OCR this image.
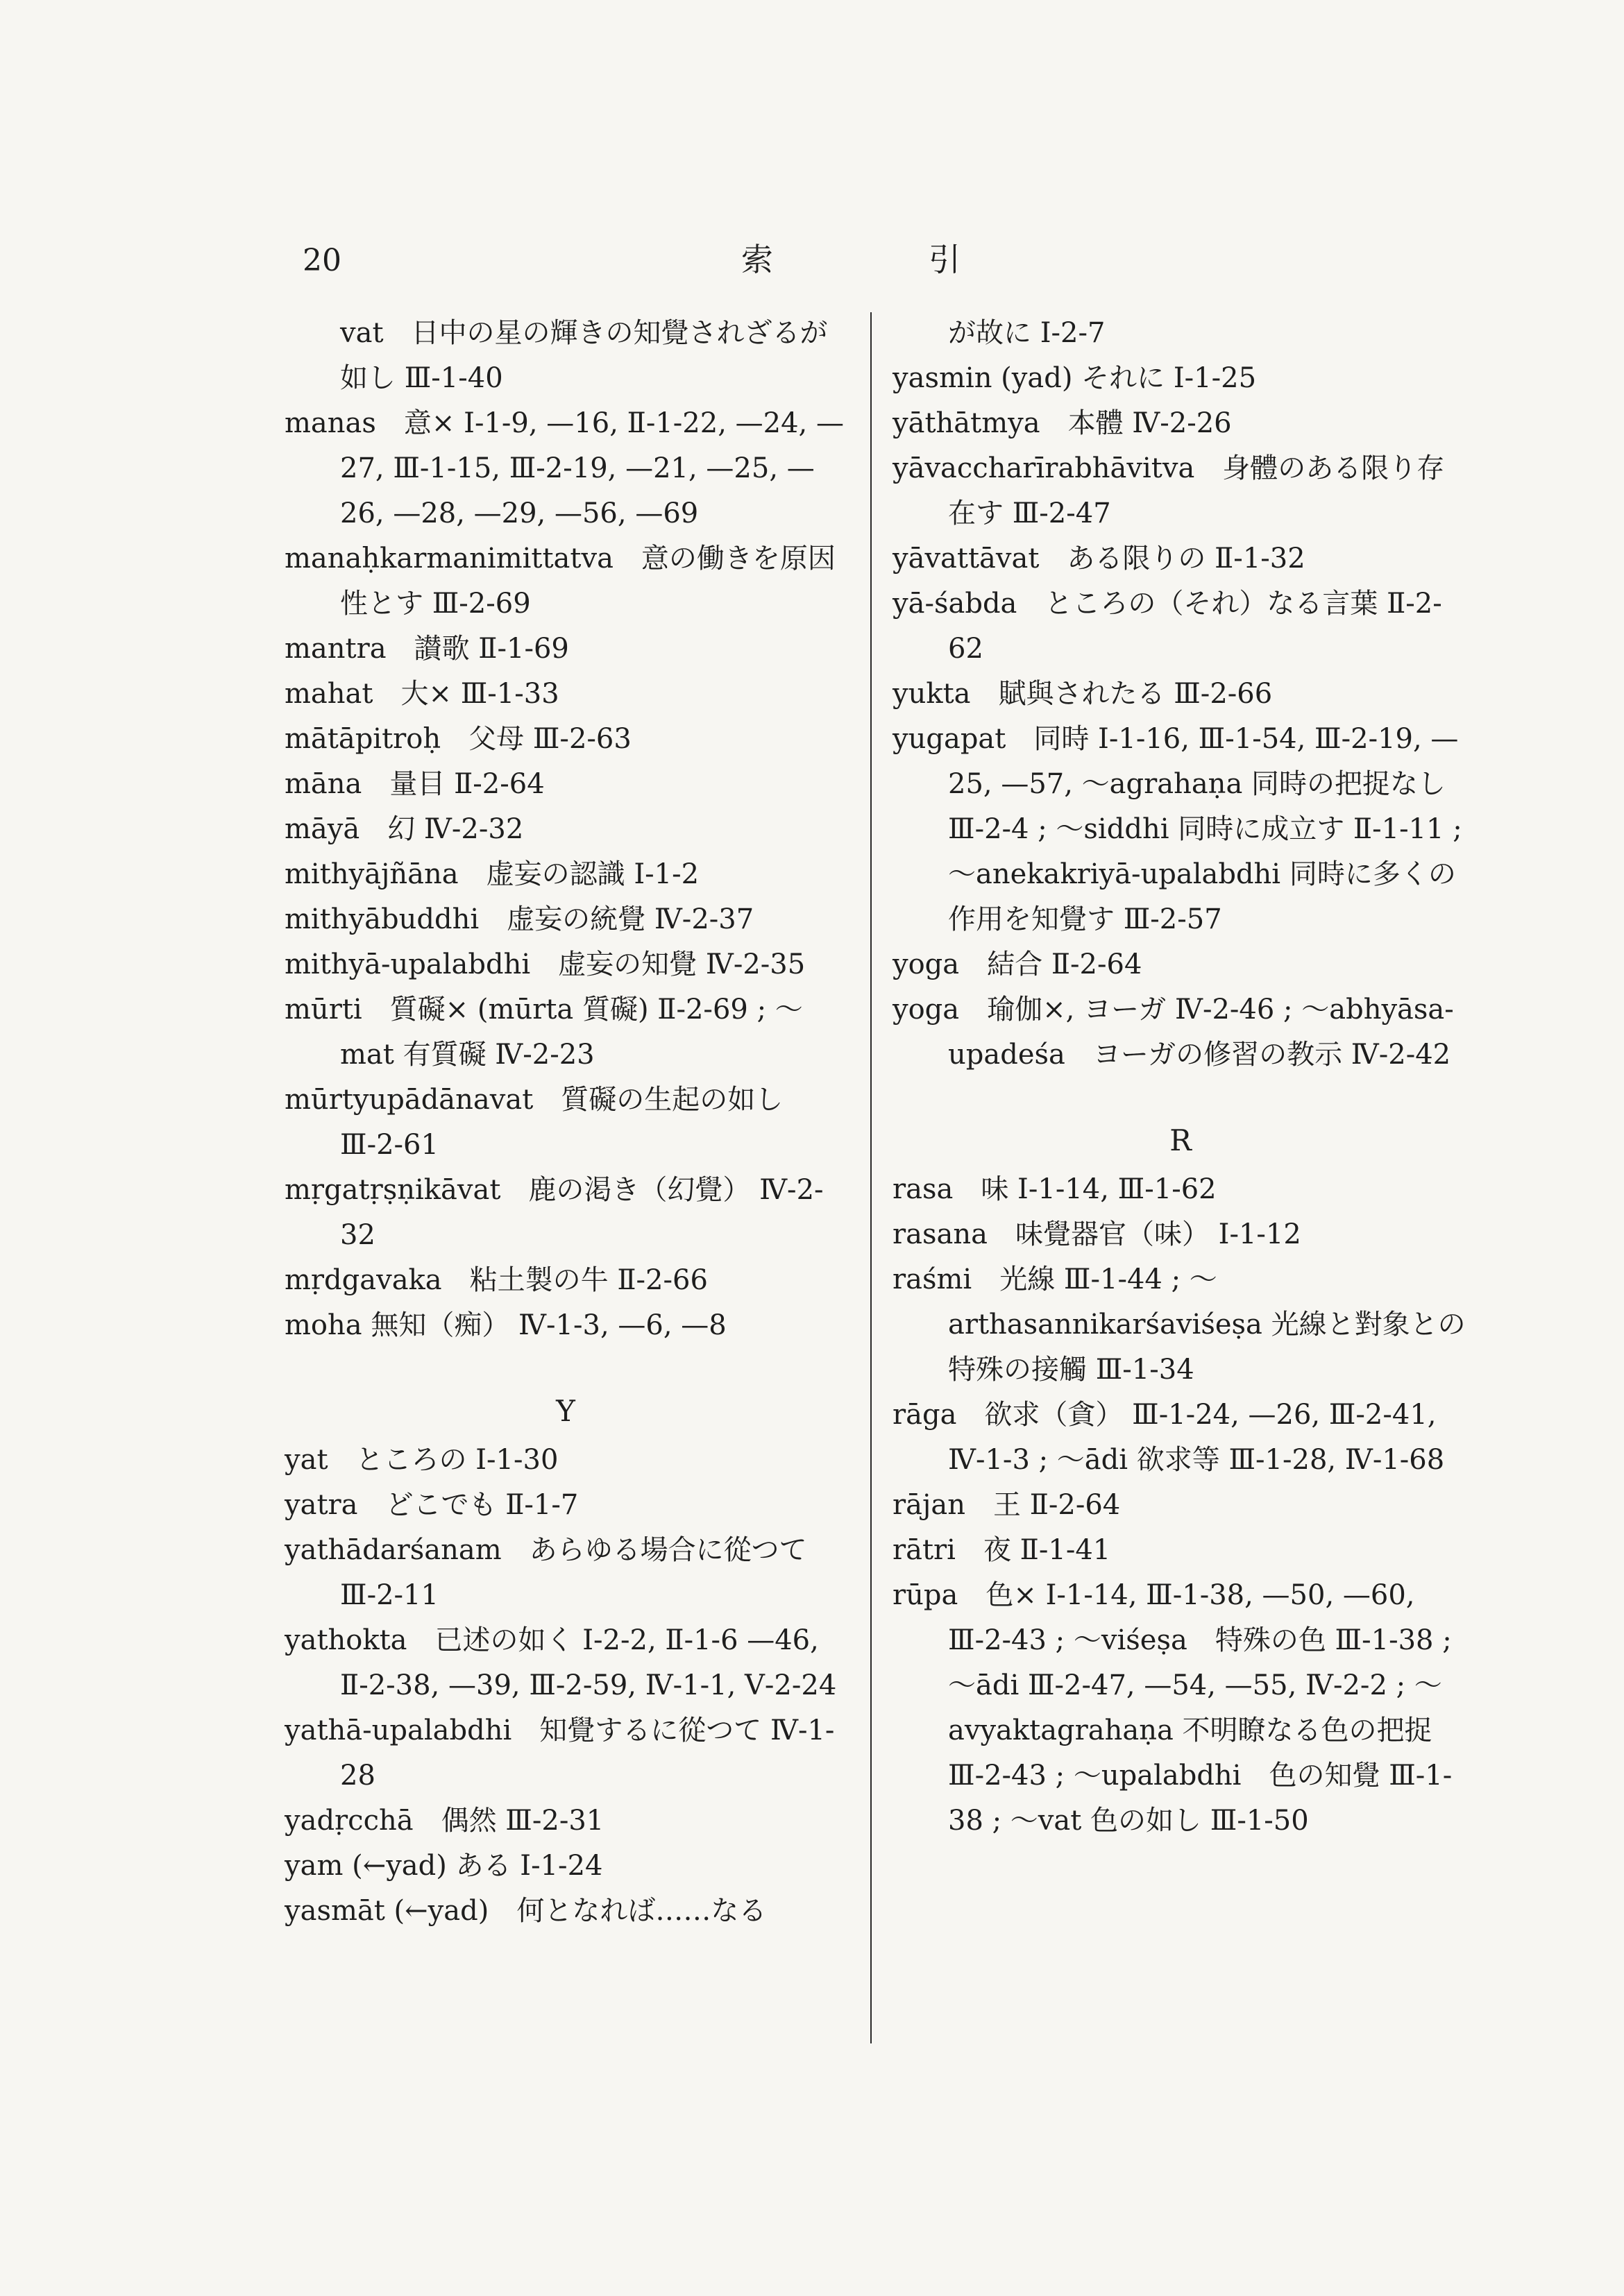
20	索	引
vat　日中の星の輝きの知覺されざるが如し Ⅲ-1-40
manas　意× Ⅰ-1-9, —16, Ⅱ-1-22, —24, —27, Ⅲ-1-15, Ⅲ-2-19, —21, —25, —26, —28, —29, —56, —69
manaḥkarmanimittatva　意の働きを原因性とす Ⅲ-2-69
mantra　讃歌 Ⅱ-1-69
mahat　大× Ⅲ-1-33
mātāpitroḥ　父母 Ⅲ-2-63
māna　量目 Ⅱ-2-64
māyā　幻 Ⅳ-2-32
mithyājñāna　虚妄の認識 Ⅰ-1-2
mithyābuddhi　虚妄の統覺 Ⅳ-2-37
mithyā-upalabdhi　虚妄の知覺 Ⅳ-2-35
mūrti　質礙× (mūrta 質礙) Ⅱ-2-69 ; ～mat 有質礙 Ⅳ-2-23
mūrtyupādānavat　質礙の生起の如し Ⅲ-2-61
mṛgatṛṣṇikāvat　鹿の渇き（幻覺） Ⅳ-2-32
mṛdgavaka　粘土製の牛 Ⅱ-2-66
moha 無知（痴） Ⅳ-1-3, —6, —8
Y
yat　ところの Ⅰ-1-30
yatra　どこでも Ⅱ-1-7
yathādarśanam　あらゆる場合に從つて Ⅲ-2-11
yathokta　已述の如く Ⅰ-2-2, Ⅱ-1-6 —46, Ⅱ-2-38, —39, Ⅲ-2-59, Ⅳ-1-1, Ⅴ-2-24
yathā-upalabdhi　知覺するに從つて Ⅳ-1-28
yadṛcchā　偶然 Ⅲ-2-31
yam (←yad) ある Ⅰ-1-24
yasmāt (←yad)　何となれば……なる
が故に Ⅰ-2-7
yasmin (yad) それに Ⅰ-1-25
yāthātmya　本體 Ⅳ-2-26
yāvaccharīrabhāvitva　身體のある限り存在す Ⅲ-2-47
yāvattāvat　ある限りの Ⅱ-1-32
yā-śabda　ところの（それ）なる言葉 Ⅱ-2-62
yukta　賦與されたる Ⅲ-2-66
yugapat　同時 Ⅰ-1-16, Ⅲ-1-54, Ⅲ-2-19, —25, —57, ～agrahaṇa 同時の把捉なし Ⅲ-2-4 ; ～siddhi 同時に成立す Ⅱ-1-11 ; ～anekakriyā-upalabdhi 同時に多くの作用を知覺す Ⅲ-2-57
yoga　結合 Ⅱ-2-64
yoga　瑜伽×, ヨーガ Ⅳ-2-46 ; ～abhyāsa-upadeśa　ヨーガの修習の教示 Ⅳ-2-42
R
rasa　味 Ⅰ-1-14, Ⅲ-1-62
rasana　味覺器官（味） Ⅰ-1-12
raśmi　光線 Ⅲ-1-44 ; ～arthasannikarśaviśeṣa 光線と對象との特殊の接觸 Ⅲ-1-34
rāga　欲求（貪） Ⅲ-1-24, —26, Ⅲ-2-41, Ⅳ-1-3 ; ～ādi 欲求等 Ⅲ-1-28, Ⅳ-1-68
rājan　王 Ⅱ-2-64
rātri　夜 Ⅱ-1-41
rūpa　色× Ⅰ-1-14, Ⅲ-1-38, —50, —60, Ⅲ-2-43 ; ～viśeṣa　特殊の色 Ⅲ-1-38 ; ～ādi Ⅲ-2-47, —54, —55, Ⅳ-2-2 ; ～avyaktagrahaṇa 不明瞭なる色の把捉 Ⅲ-2-43 ; ～upalabdhi　色の知覺 Ⅲ-1-38 ; ～vat 色の如し Ⅲ-1-50
